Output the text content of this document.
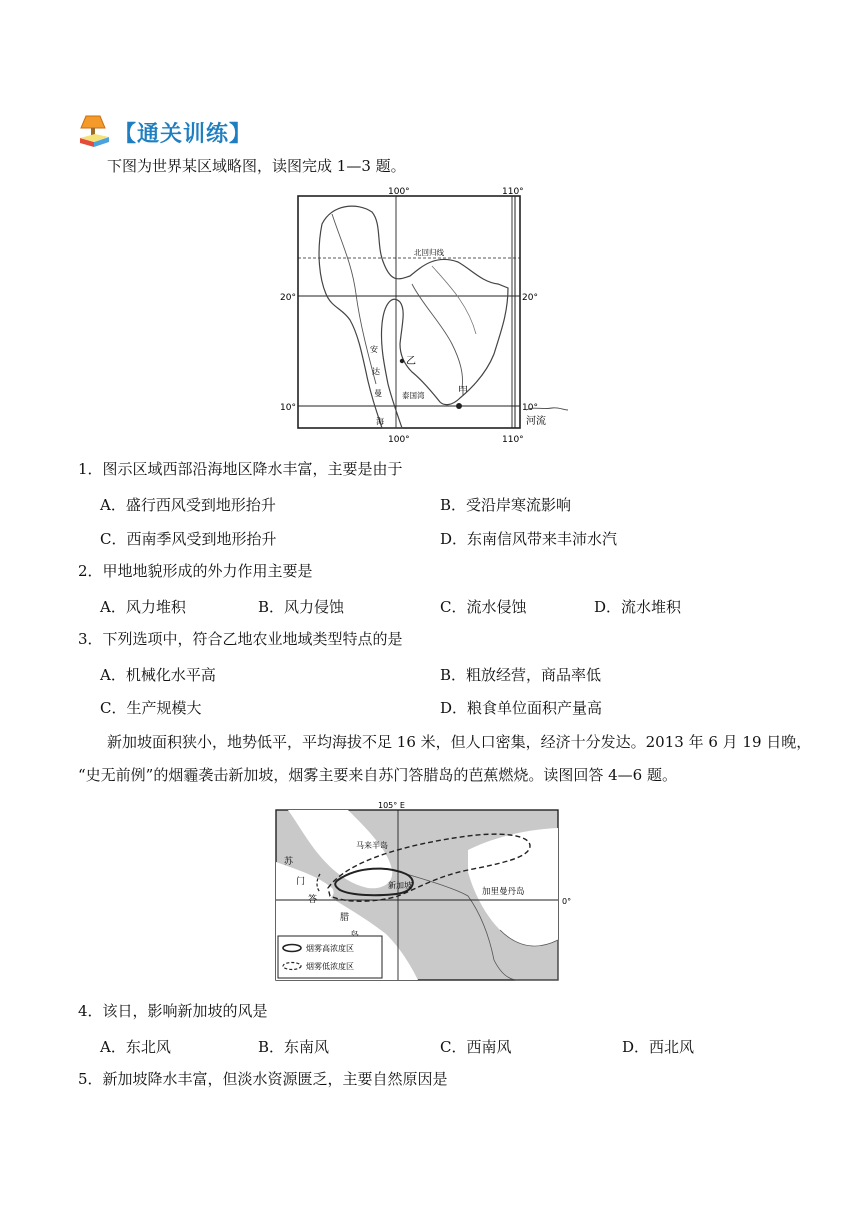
【通关训练】
下图为世界某区域略图，读图完成 1—3 题。
20°
10°
20°
10°
100°	110°
100°	110°
北回归线
乙
甲
泰国湾
安
达
曼
海	河流
1．图示区域西部沿海地区降水丰富，主要是由于
A．盛行西风受到地形抬升	B．受沿岸寒流影响
C．西南季风受到地形抬升	D．东南信风带来丰沛水汽
2．甲地地貌形成的外力作用主要是
A．风力堆积	B．风力侵蚀	C．流水侵蚀	D．流水堆积
3．下列选项中，符合乙地农业地域类型特点的是
A．机械化水平高	B．粗放经营，商品率低
C．生产规模大	D．粮食单位面积产量高
新加坡面积狭小，地势低平，平均海拔不足 16 米，但人口密集，经济十分发达。2013 年 6 月 19 日晚，
“史无前例”的烟霾袭击新加坡，烟雾主要来自苏门答腊岛的芭蕉燃烧。读图回答 4—6 题。
105° E
0°
马来半岛
新加坡
加里曼丹岛
苏
门
答
腊
烟雾高浓度区
烟雾低浓度区
4．该日，影响新加坡的风是
A．东北风	B．东南风	C．西南风	D．西北风
5．新加坡降水丰富，但淡水资源匮乏，主要自然原因是
